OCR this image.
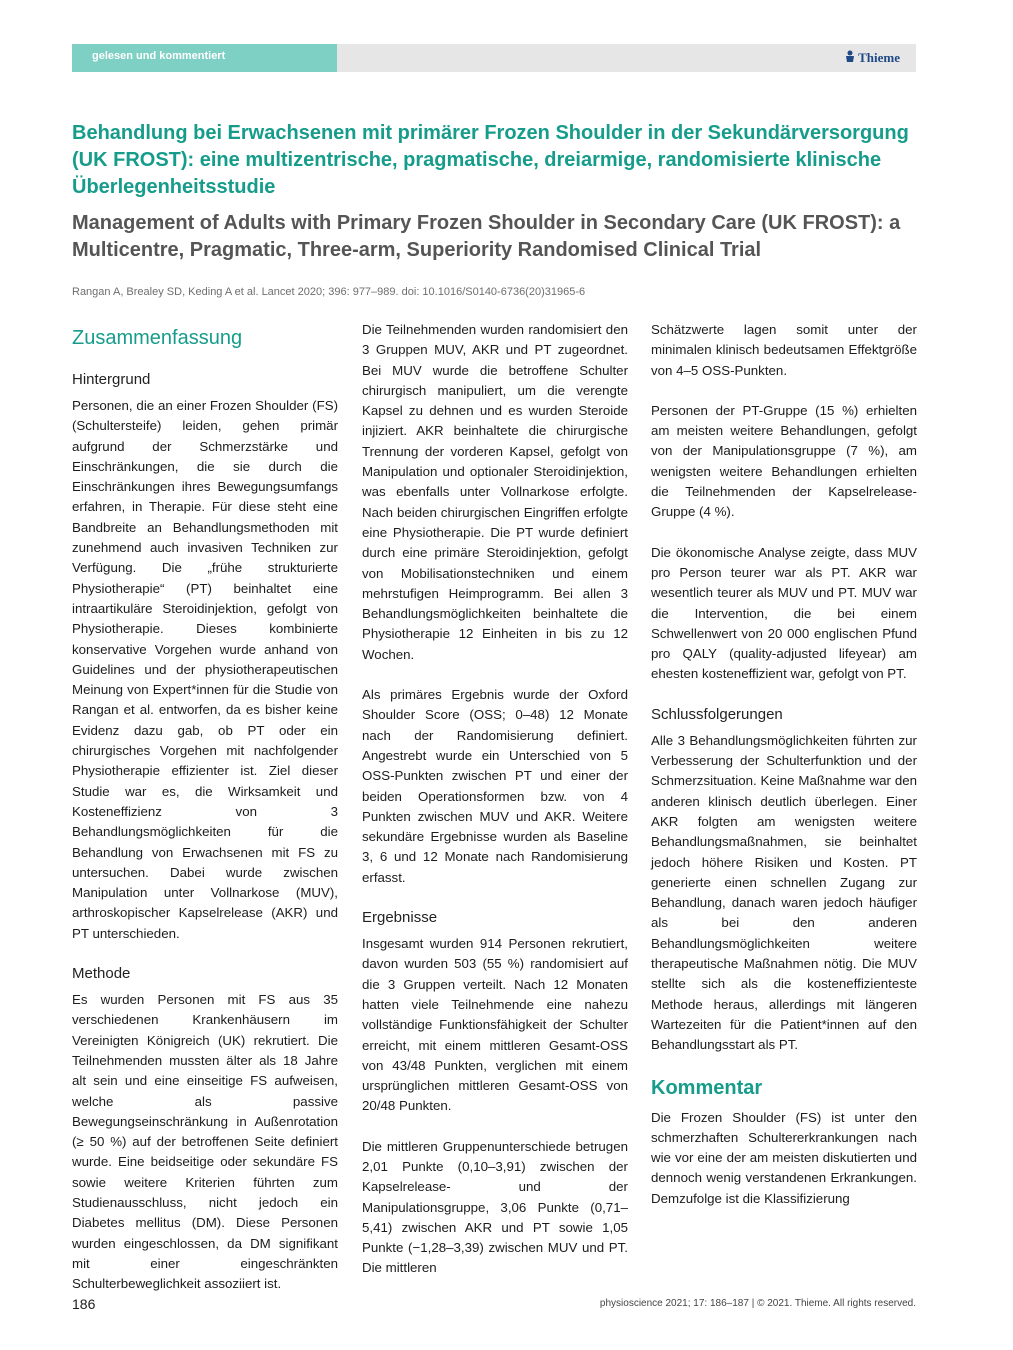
gelesen und kommentiert	Thieme
Behandlung bei Erwachsenen mit primärer Frozen Shoulder in der Sekundärversorgung (UK FROST): eine multizentrische, pragmatische, dreiarmige, randomisierte klinische Überlegenheitsstudie
Management of Adults with Primary Frozen Shoulder in Secondary Care (UK FROST): a Multicentre, Pragmatic, Three-arm, Superiority Randomised Clinical Trial
Rangan A, Brealey SD, Keding A et al. Lancet 2020; 396: 977–989. doi: 10.1016/S0140-6736(20)31965-6
Zusammenfassung
Hintergrund

Personen, die an einer Frozen Shoulder (FS) (Schultersteife) leiden, gehen primär aufgrund der Schmerzstärke und Einschränkungen, die sie durch die Einschränkungen ihres Bewegungsumfangs erfahren, in Therapie. Für diese steht eine Bandbreite an Behandlungsmethoden mit zunehmend auch invasiven Techniken zur Verfügung. Die „frühe strukturierte Physiotherapie“ (PT) beinhaltet eine intraartikuläre Steroidinjektion, gefolgt von Physiotherapie. Dieses kombinierte konservative Vorgehen wurde anhand von Guidelines und der physiotherapeutischen Meinung von Expert*innen für die Studie von Rangan et al. entworfen, da es bisher keine Evidenz dazu gab, ob PT oder ein chirurgisches Vorgehen mit nachfolgender Physiotherapie effizienter ist. Ziel dieser Studie war es, die Wirksamkeit und Kosteneffizienz von 3 Behandlungsmöglichkeiten für die Behandlung von Erwachsenen mit FS zu untersuchen. Dabei wurde zwischen Manipulation unter Vollnarkose (MUV), arthroskopischer Kapselrelease (AKR) und PT unterschieden.

Methode

Es wurden Personen mit FS aus 35 verschiedenen Krankenhäusern im Vereinigten Königreich (UK) rekrutiert. Die Teilnehmenden mussten älter als 18 Jahre alt sein und eine einseitige FS aufweisen, welche als passive Bewegungseinschränkung in Außenrotation (≥ 50 %) auf der betroffenen Seite definiert wurde. Eine beidseitige oder sekundäre FS sowie weitere Kriterien führten zum Studienausschluss, nicht jedoch ein Diabetes mellitus (DM). Diese Personen wurden eingeschlossen, da DM signifikant mit einer eingeschränkten Schulterbeweglichkeit assoziiert ist.

Die Teilnehmenden wurden randomisiert den 3 Gruppen MUV, AKR und PT zugeordnet. Bei MUV wurde die betroffene Schulter chirurgisch manipuliert, um die verengte Kapsel zu dehnen und es wurden Steroide injiziert. AKR beinhaltete die chirurgische Trennung der vorderen Kapsel, gefolgt von Manipulation und optionaler Steroidinjektion, was ebenfalls unter Vollnarkose erfolgte. Nach beiden chirurgischen Eingriffen erfolgte eine Physiotherapie. Die PT wurde definiert durch eine primäre Steroidinjektion, gefolgt von Mobilisationstechniken und einem mehrstufigen Heimprogramm. Bei allen 3 Behandlungsmöglichkeiten beinhaltete die Physiotherapie 12 Einheiten in bis zu 12 Wochen.

Als primäres Ergebnis wurde der Oxford Shoulder Score (OSS; 0–48) 12 Monate nach der Randomisierung definiert. Angestrebt wurde ein Unterschied von 5 OSS-Punkten zwischen PT und einer der beiden Operationsformen bzw. von 4 Punkten zwischen MUV und AKR. Weitere sekundäre Ergebnisse wurden als Baseline 3, 6 und 12 Monate nach Randomisierung erfasst.

Ergebnisse

Insgesamt wurden 914 Personen rekrutiert, davon wurden 503 (55 %) randomisiert auf die 3 Gruppen verteilt. Nach 12 Monaten hatten viele Teilnehmende eine nahezu vollständige Funktionsfähigkeit der Schulter erreicht, mit einem mittleren Gesamt-OSS von 43/48 Punkten, verglichen mit einem ursprünglichen mittleren Gesamt-OSS von 20/48 Punkten.

Die mittleren Gruppenunterschiede betrugen 2,01 Punkte (0,10–3,91) zwischen der Kapselrelease- und der Manipulationsgruppe, 3,06 Punkte (0,71–5,41) zwischen AKR und PT sowie 1,05 Punkte (−1,28–3,39) zwischen MUV und PT. Die mittleren

Schätzwerte lagen somit unter der minimalen klinisch bedeutsamen Effektgröße von 4–5 OSS-Punkten.

Personen der PT-Gruppe (15 %) erhielten am meisten weitere Behandlungen, gefolgt von der Manipulationsgruppe (7 %), am wenigsten weitere Behandlungen erhielten die Teilnehmenden der Kapselrelease-Gruppe (4 %).

Die ökonomische Analyse zeigte, dass MUV pro Person teurer war als PT. AKR war wesentlich teurer als MUV und PT. MUV war die Intervention, die bei einem Schwellenwert von 20 000 englischen Pfund pro QALY (quality-adjusted lifeyear) am ehesten kosteneffizient war, gefolgt von PT.

Schlussfolgerungen

Alle 3 Behandlungsmöglichkeiten führten zur Verbesserung der Schulterfunktion und der Schmerzsituation. Keine Maßnahme war den anderen klinisch deutlich überlegen. Einer AKR folgten am wenigsten weitere Behandlungsmaßnahmen, sie beinhaltet jedoch höhere Risiken und Kosten. PT generierte einen schnellen Zugang zur Behandlung, danach waren jedoch häufiger als bei den anderen Behandlungsmöglichkeiten weitere therapeutische Maßnahmen nötig. Die MUV stellte sich als die kosteneffizienteste Methode heraus, allerdings mit längeren Wartezeiten für die Patient*innen auf den Behandlungsstart als PT.

Kommentar

Die Frozen Shoulder (FS) ist unter den schmerzhaften Schultererkrankungen nach wie vor eine der am meisten diskutierten und dennoch wenig verstandenen Erkrankungen. Demzufolge ist die Klassifizierung

186	physioscience 2021; 17: 186–187 | © 2021. Thieme. All rights reserved.
